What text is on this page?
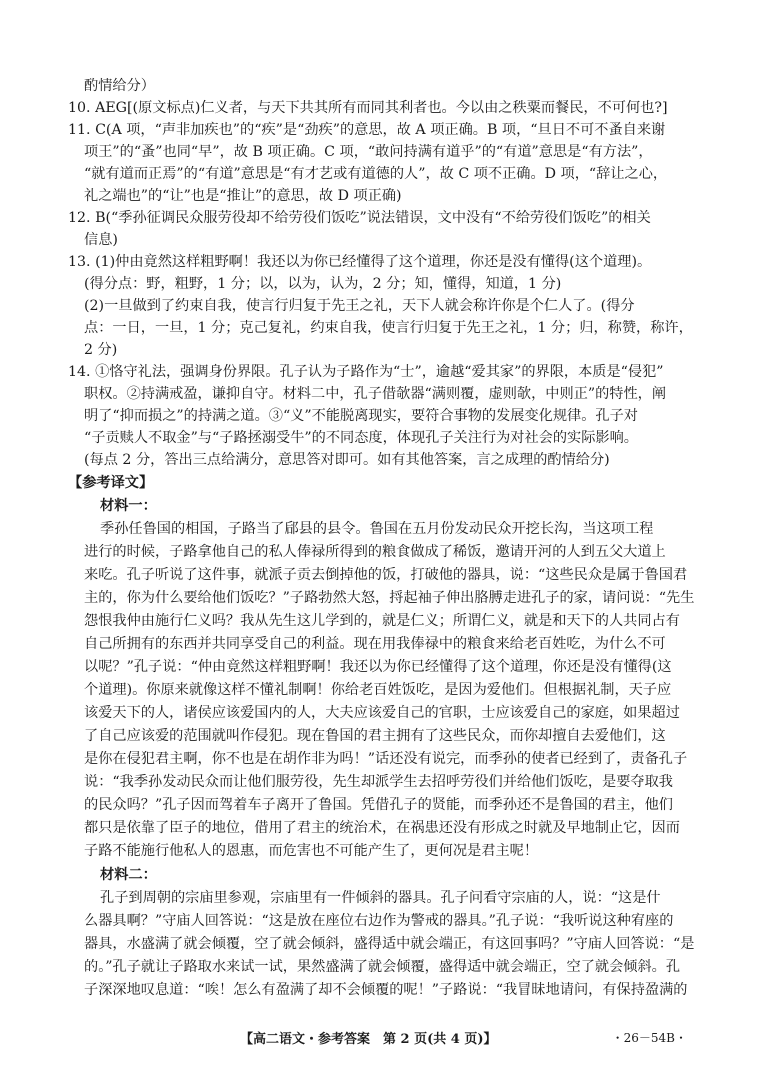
酌情给分）
10. AEG[(原文标点)仁义者，与天下共其所有而同其利者也。今以由之秩粟而餐民，不可何也?]
11. C(A 项，“声非加疾也”的“疾”是“劲疾”的意思，故 A 项正确。B 项，“旦日不可不蚤自来谢
项王”的“蚤”也同“早”，故 B 项正确。C 项，“敢问持满有道乎”的“有道”意思是“有方法”，
“就有道而正焉”的“有道”意思是“有才艺或有道德的人”，故 C 项不正确。D 项，“辞让之心，
礼之端也”的“让”也是“推让”的意思，故 D 项正确)
12. B(“季孙征调民众服劳役却不给劳役们饭吃”说法错误，文中没有“不给劳役们饭吃”的相关
信息)
13. (1)仲由竟然这样粗野啊！我还以为你已经懂得了这个道理，你还是没有懂得(这个道理)。
(得分点：野，粗野，1 分；以，以为，认为，2 分；知，懂得，知道，1 分)
(2)一旦做到了约束自我，使言行归复于先王之礼，天下人就会称许你是个仁人了。(得分
点：一日，一旦，1 分；克己复礼，约束自我，使言行归复于先王之礼，1 分；归，称赞，称许，
2 分)
14. ①恪守礼法，强调身份界限。孔子认为子路作为“士”，逾越“爱其家”的界限，本质是“侵犯”
职权。②持满戒盈，谦抑自守。材料二中，孔子借欹器“满则覆，虚则欹，中则正”的特性，阐
明了“抑而损之”的持满之道。③“义”不能脱离现实，要符合事物的发展变化规律。孔子对
“子贡赎人不取金”与“子路拯溺受牛”的不同态度，体现孔子关注行为对社会的实际影响。
(每点 2 分，答出三点给满分，意思答对即可。如有其他答案，言之成理的酌情给分)
【参考译文】
材料一：
季孙任鲁国的相国，子路当了郈县的县令。鲁国在五月份发动民众开挖长沟，当这项工程
进行的时候，子路拿他自己的私人俸禄所得到的粮食做成了稀饭，邀请开河的人到五父大道上
来吃。孔子听说了这件事，就派子贡去倒掉他的饭，打破他的器具，说：“这些民众是属于鲁国君
主的，你为什么要给他们饭吃？”子路勃然大怒，捋起袖子伸出胳膊走进孔子的家，请问说：“先生
怨恨我仲由施行仁义吗？我从先生这儿学到的，就是仁义；所谓仁义，就是和天下的人共同占有
自己所拥有的东西并共同享受自己的利益。现在用我俸禄中的粮食来给老百姓吃，为什么不可
以呢？”孔子说：“仲由竟然这样粗野啊！我还以为你已经懂得了这个道理，你还是没有懂得(这
个道理)。你原来就像这样不懂礼制啊！你给老百姓饭吃，是因为爱他们。但根据礼制，天子应
该爱天下的人，诸侯应该爱国内的人，大夫应该爱自己的官职，士应该爱自己的家庭，如果超过
了自己应该爱的范围就叫作侵犯。现在鲁国的君主拥有了这些民众，而你却擅自去爱他们，这
是你在侵犯君主啊，你不也是在胡作非为吗！”话还没有说完，而季孙的使者已经到了，责备孔子
说：“我季孙发动民众而让他们服劳役，先生却派学生去招呼劳役们并给他们饭吃，是要夺取我
的民众吗？”孔子因而驾着车子离开了鲁国。凭借孔子的贤能，而季孙还不是鲁国的君主，他们
都只是依靠了臣子的地位，借用了君主的统治术，在祸患还没有形成之时就及早地制止它，因而
子路不能施行他私人的恩惠，而危害也不可能产生了，更何况是君主呢！
材料二：
孔子到周朝的宗庙里参观，宗庙里有一件倾斜的器具。孔子问看守宗庙的人，说：“这是什
么器具啊？”守庙人回答说：“这是放在座位右边作为警戒的器具。”孔子说：“我听说这种宥座的
器具，水盛满了就会倾覆，空了就会倾斜，盛得适中就会端正，有这回事吗？”守庙人回答说：“是
的。”孔子就让子路取水来试一试，果然盛满了就会倾覆，盛得适中就会端正，空了就会倾斜。孔
子深深地叹息道：“唉！怎么有盈满了却不会倾覆的呢！”子路说：“我冒昧地请问，有保持盈满的
【高二语文・参考答案　第 2 页(共 4 页)】	・26－54B・
